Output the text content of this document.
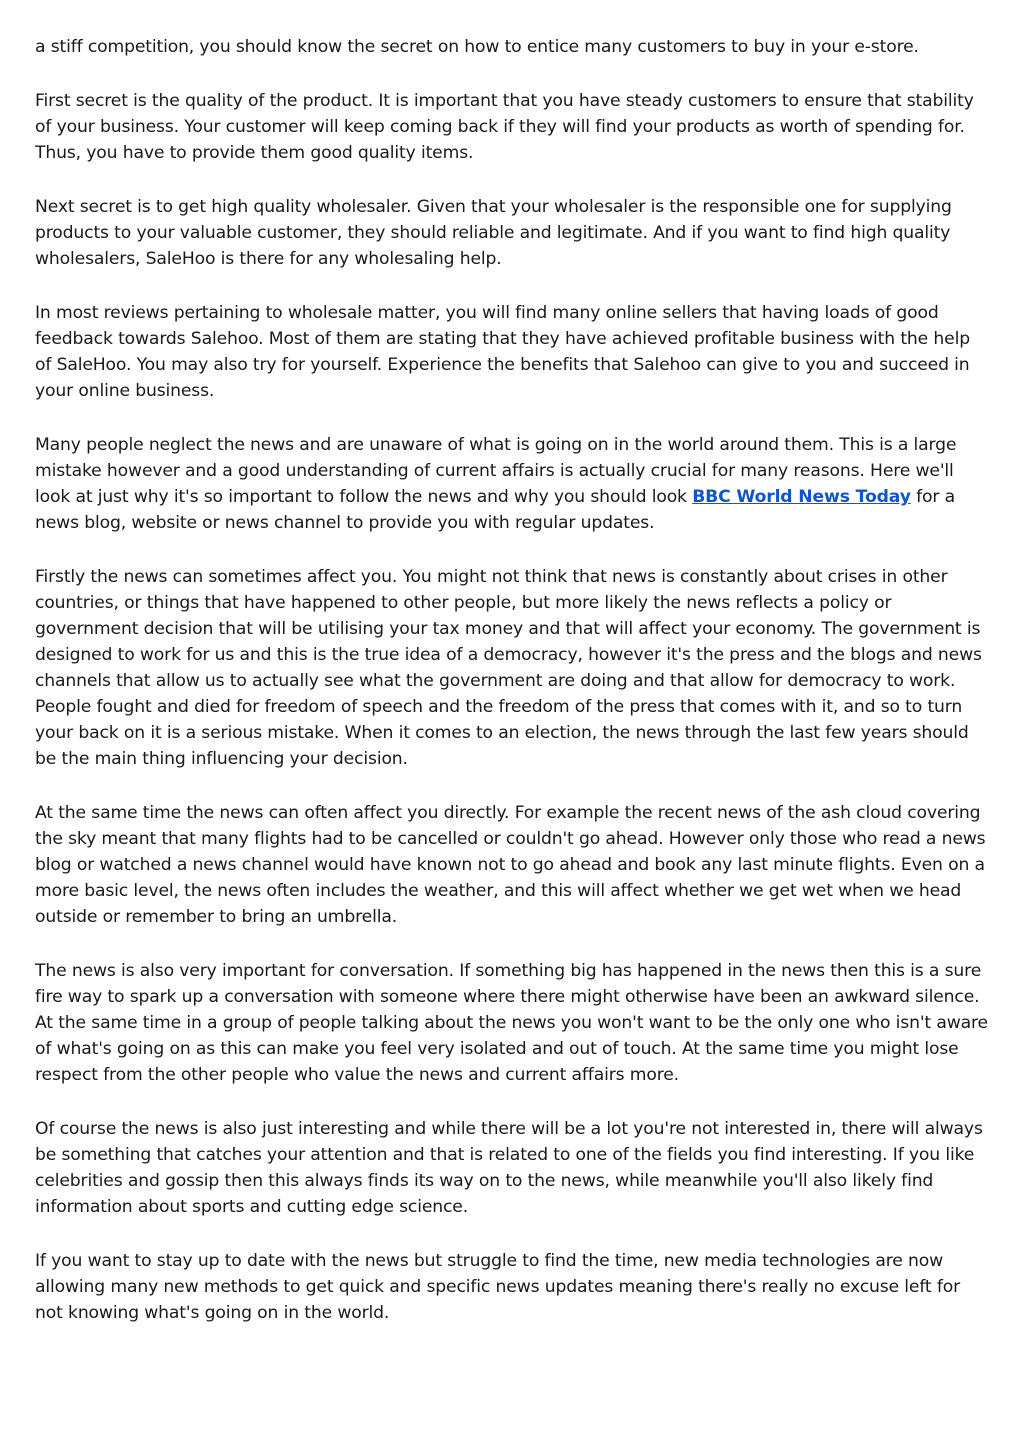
a stiff competition, you should know the secret on how to entice many customers to buy in your e-store.

First secret is the quality of the product. It is important that you have steady customers to ensure that stability of your business. Your customer will keep coming back if they will find your products as worth of spending for. Thus, you have to provide them good quality items.

Next secret is to get high quality wholesaler. Given that your wholesaler is the responsible one for supplying products to your valuable customer, they should reliable and legitimate. And if you want to find high quality wholesalers, SaleHoo is there for any wholesaling help.

In most reviews pertaining to wholesale matter, you will find many online sellers that having loads of good feedback towards Salehoo. Most of them are stating that they have achieved profitable business with the help of SaleHoo. You may also try for yourself. Experience the benefits that Salehoo can give to you and succeed in your online business.

Many people neglect the news and are unaware of what is going on in the world around them. This is a large mistake however and a good understanding of current affairs is actually crucial for many reasons. Here we'll look at just why it's so important to follow the news and why you should look BBC World News Today for a news blog, website or news channel to provide you with regular updates.

Firstly the news can sometimes affect you. You might not think that news is constantly about crises in other countries, or things that have happened to other people, but more likely the news reflects a policy or government decision that will be utilising your tax money and that will affect your economy. The government is designed to work for us and this is the true idea of a democracy, however it's the press and the blogs and news channels that allow us to actually see what the government are doing and that allow for democracy to work. People fought and died for freedom of speech and the freedom of the press that comes with it, and so to turn your back on it is a serious mistake. When it comes to an election, the news through the last few years should be the main thing influencing your decision.

At the same time the news can often affect you directly. For example the recent news of the ash cloud covering the sky meant that many flights had to be cancelled or couldn't go ahead. However only those who read a news blog or watched a news channel would have known not to go ahead and book any last minute flights. Even on a more basic level, the news often includes the weather, and this will affect whether we get wet when we head outside or remember to bring an umbrella.

The news is also very important for conversation. If something big has happened in the news then this is a sure fire way to spark up a conversation with someone where there might otherwise have been an awkward silence. At the same time in a group of people talking about the news you won't want to be the only one who isn't aware of what's going on as this can make you feel very isolated and out of touch. At the same time you might lose respect from the other people who value the news and current affairs more.

Of course the news is also just interesting and while there will be a lot you're not interested in, there will always be something that catches your attention and that is related to one of the fields you find interesting. If you like celebrities and gossip then this always finds its way on to the news, while meanwhile you'll also likely find information about sports and cutting edge science.

If you want to stay up to date with the news but struggle to find the time, new media technologies are now allowing many new methods to get quick and specific news updates meaning there's really no excuse left for not knowing what's going on in the world.
